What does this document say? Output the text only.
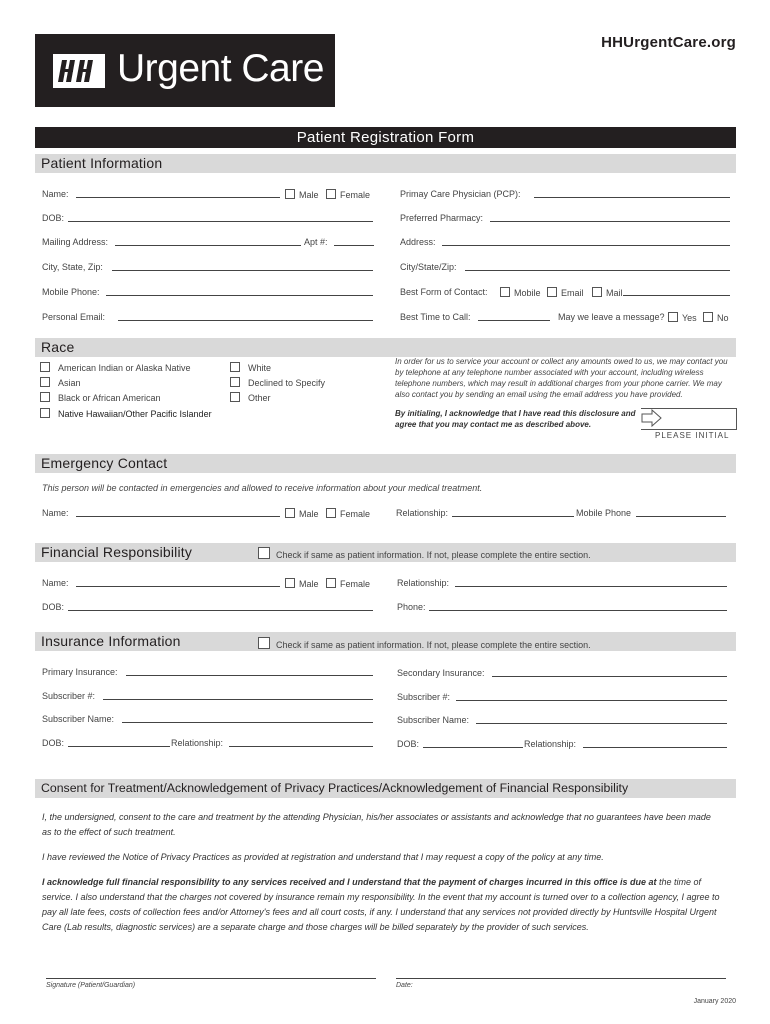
Urgent Care
HHUrgentCare.org
Patient Registration Form
Patient Information
Name:	Male	Female	Primay Care Physician (PCP):
DOB:	Preferred Pharmacy:
Mailing Address:	Apt #:	Address:
City, State, Zip:	City/State/Zip:
Mobile Phone:	Best Form of Contact:	Mobile	Email	Mail
Personal Email:	Best Time to Call:	May we leave a message?	Yes	No
Race
American Indian or Alaska Native
Asian
Black or African American
Native Hawaiian/Other Pacific Islander
White
Declined to Specify
Other
In order for us to service your account or collect any amounts owed to us, we may contact you by telephone at any telephone number associated with your account, including wireless telephone numbers, which may result in additional charges from your phone carrier. We may also contact you by sending an email using the email address you have provided.
By initialing, I acknowledge that I have read this disclosure and agree that you may contact me as described above.
PLEASE INITIAL
Emergency Contact
This person will be contacted in emergencies and allowed to receive information about your medical treatment.
Name:	Male	Female	Relationship:	Mobile Phone
Financial Responsibility	Check if same as patient information. If not, please complete the entire section.
Name:	Male	Female	Relationship:
DOB:	Phone:
Insurance Information	Check if same as patient information. If not, please complete the entire section.
Primary Insurance:	Secondary Insurance:
Subscriber #:	Subscriber #:
Subscriber Name:	Subscriber Name:
DOB:	Relationship:	DOB:	Relationship:
Consent for Treatment/Acknowledgement of Privacy Practices/Acknowledgement of Financial Responsibility
I, the undersigned, consent to the care and treatment by the attending Physician, his/her associates or assistants and acknowledge that no guarantees have been made as to the effect of such treatment.
I have reviewed the Notice of Privacy Practices as provided at registration and understand that I may request a copy of the policy at any time.
I acknowledge full financial responsibility to any services received and I understand that the payment of charges incurred in this office is due at the time of service. I also understand that the charges not covered by insurance remain my responsibility. In the event that my account is turned over to a collection agency, I agree to pay all late fees, costs of collection fees and/or Attorney's fees and all court costs, if any. I understand that any services not provided directly by Huntsville Hospital Urgent Care (Lab results, diagnostic services) are a separate charge and those charges will be billed separately by the provider of such services.
Signature (Patient/Guardian)	Date:
January 2020
